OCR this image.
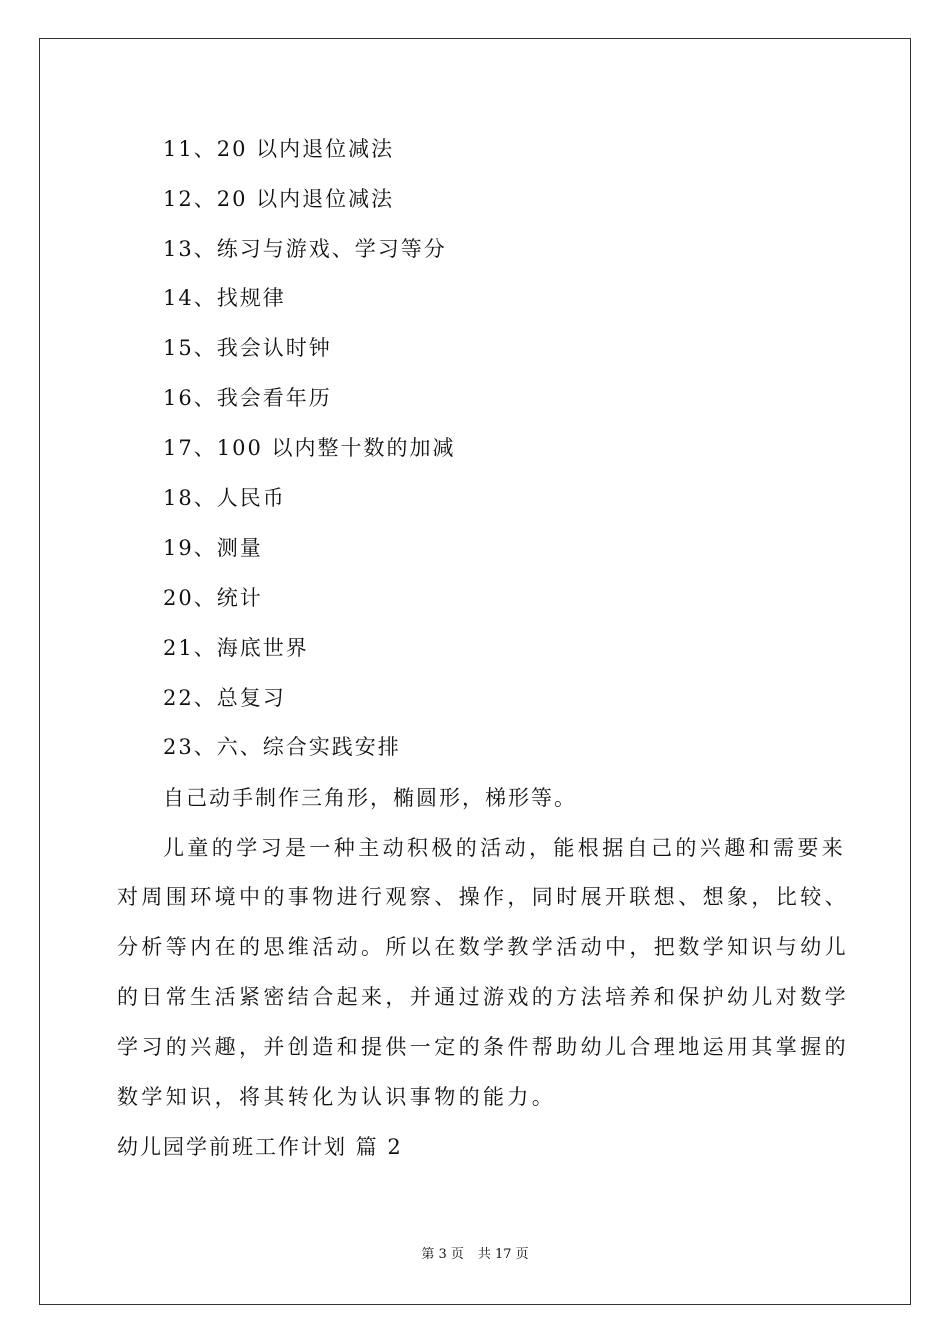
11、20 以内退位减法
12、20 以内退位减法
13、练习与游戏、学习等分
14、找规律
15、我会认时钟
16、我会看年历
17、100 以内整十数的加减
18、人民币
19、测量
20、统计
21、海底世界
22、总复习
23、六、综合实践安排
自己动手制作三角形，椭圆形，梯形等。
儿童的学习是一种主动积极的活动，能根据自己的兴趣和需要来
对周围环境中的事物进行观察、操作，同时展开联想、想象，比较、
分析等内在的思维活动。所以在数学教学活动中，把数学知识与幼儿
的日常生活紧密结合起来，并通过游戏的方法培养和保护幼儿对数学
学习的兴趣，并创造和提供一定的条件帮助幼儿合理地运用其掌握的
数学知识，将其转化为认识事物的能力。
幼儿园学前班工作计划 篇 2
第 3 页 共 17 页
